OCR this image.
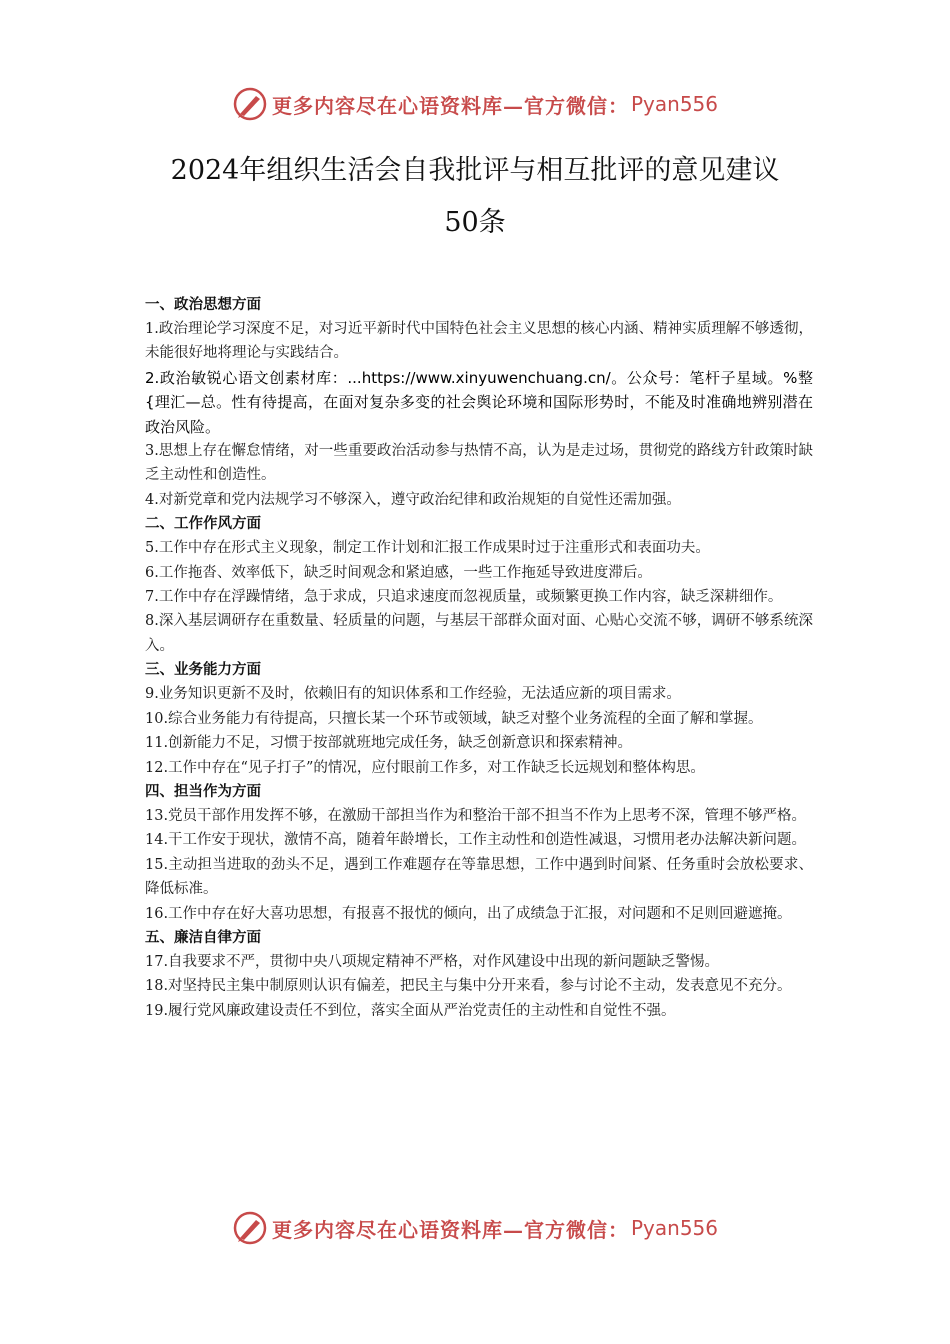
更多内容尽在心语资料库—官方微信： Pyan556
2024年组织生活会自我批评与相互批评的意见建议
50条

一、政治思想方面

1.政治理论学习深度不足，对习近平新时代中国特色社会主义思想的核心内涵、精神实质理解不够透彻，未能很好地将理论与实践结合。

2.政治敏锐心语文创素材库：...https://www.xinyuwenchuang.cn/。公众号：笔杆子星域。%整{理汇—总。性有待提高，在面对复杂多变的社会舆论环境和国际形势时，不能及时准确地辨别潜在政治风险。

3.思想上存在懈怠情绪，对一些重要政治活动参与热情不高，认为是走过场，贯彻党的路线方针政策时缺乏主动性和创造性。

4.对新党章和党内法规学习不够深入，遵守政治纪律和政治规矩的自觉性还需加强。

二、工作作风方面

5.工作中存在形式主义现象，制定工作计划和汇报工作成果时过于注重形式和表面功夫。

6.工作拖沓、效率低下，缺乏时间观念和紧迫感，一些工作拖延导致进度滞后。

7.工作中存在浮躁情绪，急于求成，只追求速度而忽视质量，或频繁更换工作内容，缺乏深耕细作。

8.深入基层调研存在重数量、轻质量的问题，与基层干部群众面对面、心贴心交流不够，调研不够系统深入。

三、业务能力方面

9.业务知识更新不及时，依赖旧有的知识体系和工作经验，无法适应新的项目需求。

10.综合业务能力有待提高，只擅长某一个环节或领域，缺乏对整个业务流程的全面了解和掌握。

11.创新能力不足，习惯于按部就班地完成任务，缺乏创新意识和探索精神。

12.工作中存在“见子打子”的情况，应付眼前工作多，对工作缺乏长远规划和整体构思。

四、担当作为方面

13.党员干部作用发挥不够，在激励干部担当作为和整治干部不担当不作为上思考不深，管理不够严格。

14.干工作安于现状，激情不高，随着年龄增长，工作主动性和创造性减退，习惯用老办法解决新问题。

15.主动担当进取的劲头不足，遇到工作难题存在等靠思想，工作中遇到时间紧、任务重时会放松要求、降低标准。

16.工作中存在好大喜功思想，有报喜不报忧的倾向，出了成绩急于汇报，对问题和不足则回避遮掩。

五、廉洁自律方面

17.自我要求不严，贯彻中央八项规定精神不严格，对作风建设中出现的新问题缺乏警惕。

18.对坚持民主集中制原则认识有偏差，把民主与集中分开来看，参与讨论不主动，发表意见不充分。

19.履行党风廉政建设责任不到位，落实全面从严治党责任的主动性和自觉性不强。

更多内容尽在心语资料库—官方微信： Pyan556
